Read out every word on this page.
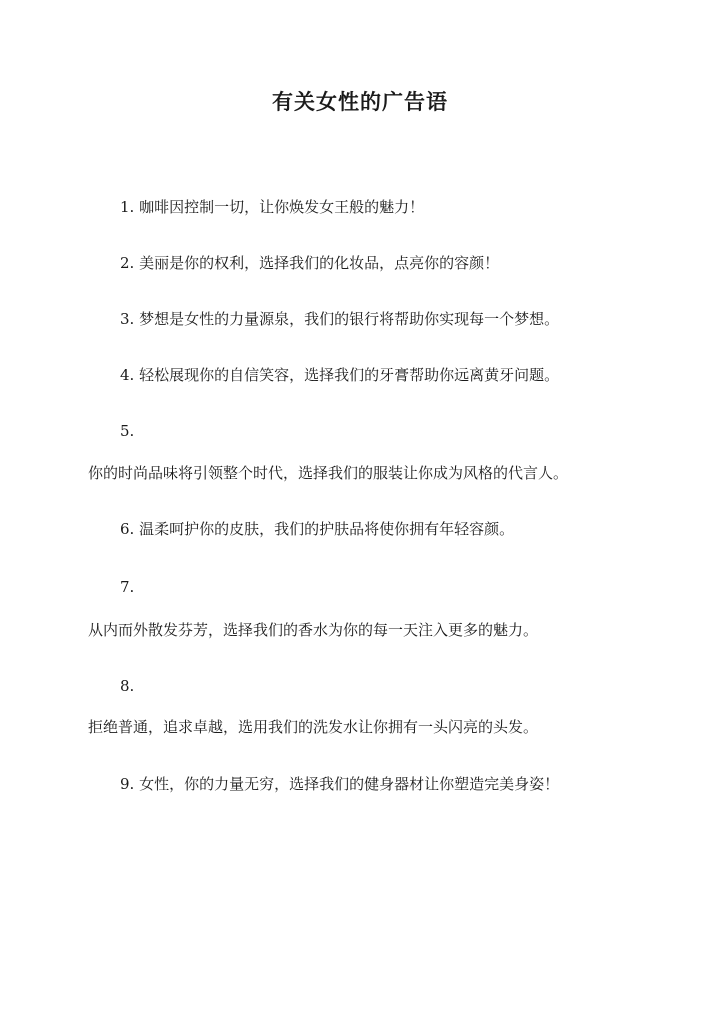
有关女性的广告语
1. 咖啡因控制一切，让你焕发女王般的魅力！
2. 美丽是你的权利，选择我们的化妆品，点亮你的容颜！
3. 梦想是女性的力量源泉，我们的银行将帮助你实现每一个梦想。
4. 轻松展现你的自信笑容，选择我们的牙膏帮助你远离黄牙问题。
5.
你的时尚品味将引领整个时代，选择我们的服装让你成为风格的代言人。
6. 温柔呵护你的皮肤，我们的护肤品将使你拥有年轻容颜。
7.
从内而外散发芬芳，选择我们的香水为你的每一天注入更多的魅力。
8.
拒绝普通，追求卓越，选用我们的洗发水让你拥有一头闪亮的头发。
9. 女性，你的力量无穷，选择我们的健身器材让你塑造完美身姿！
